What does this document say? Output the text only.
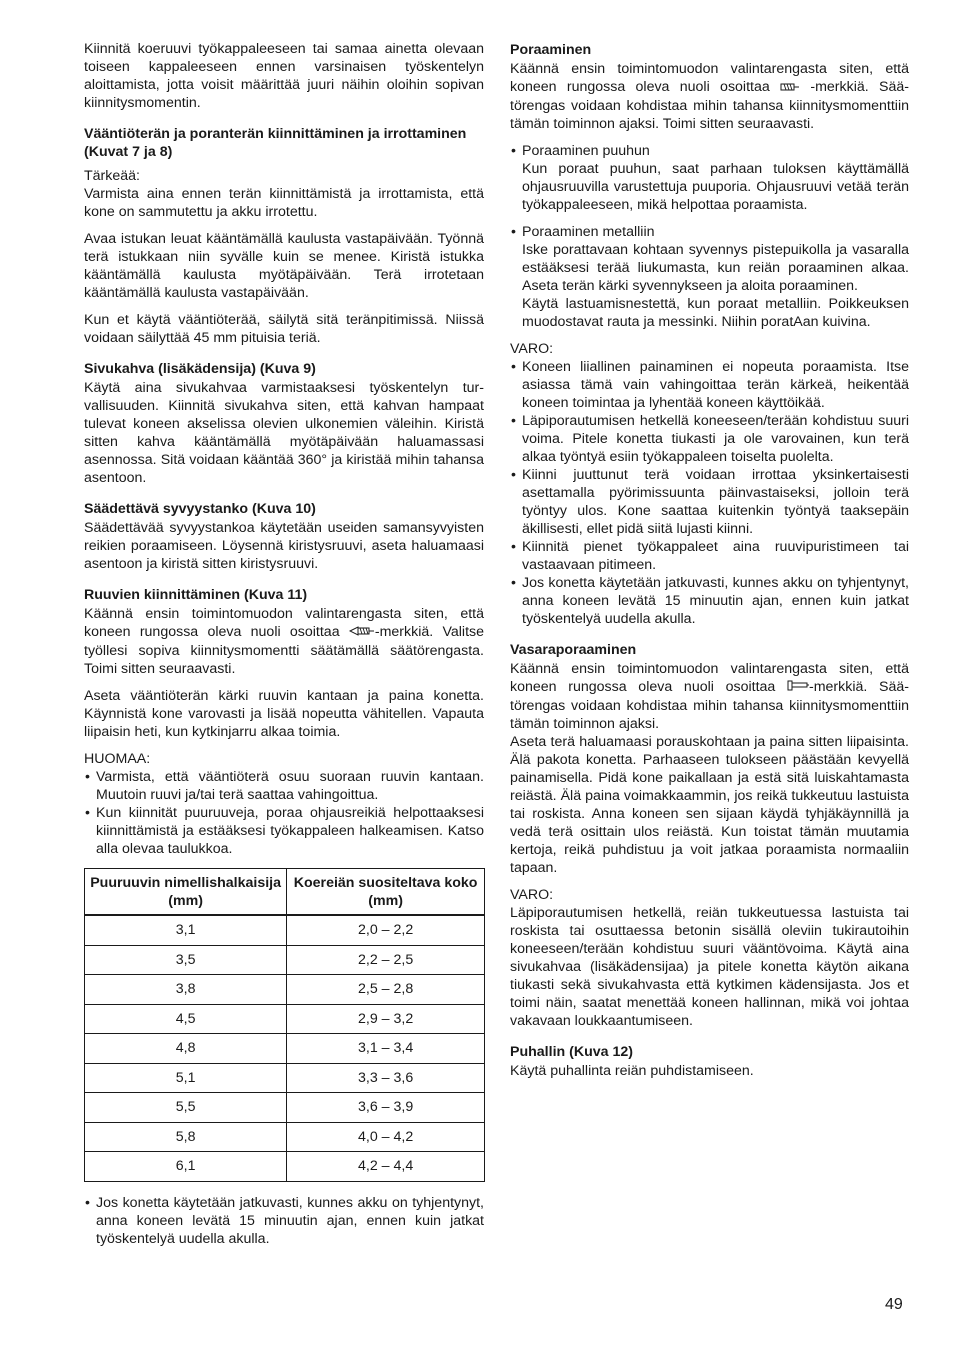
Kiinnitä koeruuvi työkappaleeseen tai samaa ainetta olevaan toiseen kappaleeseen ennen varsinaisen työskentelyn aloittamista, jotta voisit määrittää juuri näihin oloihin sopivan kiinnitysmomentin.

Vääntiöterän ja poranterän kiinnittäminen ja irrottaminen (Kuvat 7 ja 8)

Tärkeää:

Varmista aina ennen terän kiinnittämistä ja irrottamista, että kone on sammutettu ja akku irrotettu.

Avaa istukan leuat kääntämällä kaulusta vastapäivään. Työnnä terä istukkaan niin syvälle kuin se menee. Kiristä istukka kääntämällä kaulusta myötäpäivään. Terä irrotetaan kääntämällä kaulusta vastapäivään.

Kun et käytä vääntiöterää, säilytä sitä teränpitimissä. Niissä voidaan säilyttää 45 mm pituisia teriä.

Sivukahva (lisäkädensija) (Kuva 9)

Käytä aina sivukahvaa varmistaaksesi työskentelyn turvallisuuden. Kiinnitä sivukahva siten, että kahvan hampaat tulevat koneen akselissa olevien ulkonemien väleihin. Kiristä sitten kahva kääntämällä myötäpäivään haluamassasi asennossa. Sitä voidaan kääntää 360° ja kiristää mihin tahansa asentoon.

Säädettävä syvyystanko (Kuva 10)

Säädettävää syvyystankoa käytetään useiden samansyvyisten reikien poraamiseen. Löysennä kiristysruuvi, aseta haluamaasi asentoon ja kiristä sitten kiristysruuvi.

Ruuvien kiinnittäminen (Kuva 11)

Käännä ensin toimintomuodon valintarengasta siten, että koneen rungossa oleva nuoli osoittaa -merkkiä. Valitse työllesi sopiva kiinnitysmomentti säätämällä säätörengasta. Toimi sitten seuraavasti.

Aseta vääntiöterän kärki ruuvin kantaan ja paina konetta. Käynnistä kone varovasti ja lisää nopeutta vähitellen. Vapauta liipaisin heti, kun kytkinjarru alkaa toimia.

HUOMAA:

• Varmista, että vääntiöterä osuu suoraan ruuvin kantaan. Muutoin ruuvi ja/tai terä saattaa vahingoittua.
• Kun kiinnität puuruuveja, poraa ohjausreikiä helpottaaksesi kiinnittämistä ja estääksesi työkappaleen halkeamisen. Katso alla olevaa taulukkoa.
Puuruuvin nimellishalkaisija (mm)	Koereiän suositeltava koko (mm)
3,1	2,0 – 2,2
3,5	2,2 – 2,5
3,8	2,5 – 2,8
4,5	2,9 – 3,2
4,8	3,1 – 3,4
5,1	3,3 – 3,6
5,5	3,6 – 3,9
5,8	4,0 – 4,2
6,1	4,2 – 4,4
• Jos konetta käytetään jatkuvasti, kunnes akku on tyhjentynyt, anna koneen levätä 15 minuutin ajan, ennen kuin jatkat työskentelyä uudella akulla.
Poraaminen

Käännä ensin toimintomuodon valintarengasta siten, että koneen rungossa oleva nuoli osoittaa  -merkkiä. Säätörengas voidaan kohdistaa mihin tahansa kiinnitysmomenttiin tämän toiminnon ajaksi. Toimi sitten seuraavasti.

• Poraaminen puuhun
Kun poraat puuhun, saat parhaan tuloksen käyttämällä ohjausruuvilla varustettuja puuporia. Ohjausruuvi vetää terän työkappaleeseen, mikä helpottaa poraamista.
• Poraaminen metalliin
Iske porattavaan kohtaan syvennys pistepuikolla ja vasaralla estääksesi terää liukumasta, kun reiän poraaminen alkaa. Aseta terän kärki syvennykseen ja aloita poraaminen.
Käytä lastuamisnestettä, kun poraat metalliin. Poikkeuksen muodostavat rauta ja messinki. Niihin poratAan kuivina.

VARO:

• Koneen liiallinen painaminen ei nopeuta poraamista. Itse asiassa tämä vain vahingoittaa terän kärkeä, heikentää koneen toimintaa ja lyhentää koneen käyttöikää.
• Läpiporautumisen hetkellä koneeseen/terään kohdistuu suuri voima. Pitele konetta tiukasti ja ole varovainen, kun terä alkaa työntyä esiin työkappaleen toiselta puolelta.
• Kiinni juuttunut terä voidaan irrottaa yksinkertaisesti asettamalla pyörimissuunta päinvastaiseksi, jolloin terä työntyy ulos. Kone saattaa kuitenkin työntyä taaksepäin äkillisesti, ellet pidä siitä lujasti kiinni.
• Kiinnitä pienet työkappaleet aina ruuvipuristimeen tai vastaavaan pitimeen.
• Jos konetta käytetään jatkuvasti, kunnes akku on tyhjentynyt, anna koneen levätä 15 minuutin ajan, ennen kuin jatkat työskentelyä uudella akulla.
Vasaraporaaminen

Käännä ensin toimintomuodon valintarengasta siten, että koneen rungossa oleva nuoli osoittaa -merkkiä. Säätörengas voidaan kohdistaa mihin tahansa kiinnitysmomenttiin tämän toiminnon ajaksi.

Aseta terä haluamaasi porauskohtaan ja paina sitten liipaisinta. Älä pakota konetta. Parhaaseen tulokseen päästään kevyellä painamisella. Pidä kone paikallaan ja estä sitä luiskahtamasta reiästä. Älä paina voimakkaammin, jos reikä tukkeutuu lastuista tai roskista. Anna koneen sen sijaan käydä tyhjäkäynnillä ja vedä terä osittain ulos reiästä. Kun toistat tämän muutamia kertoja, reikä puhdistuu ja voit jatkaa poraamista normaaliin tapaan.

VARO:

Läpiporautumisen hetkellä, reiän tukkeutuessa lastuista tai roskista tai osuttaessa betonin sisällä oleviin tukirautoihin koneeseen/terään kohdistuu suuri vääntövoima. Käytä aina sivukahvaa (lisäkädensijaa) ja pitele konetta käytön aikana tiukasti sekä sivukahvasta että kytkimen kädensijasta. Jos et toimi näin, saatat menettää koneen hallinnan, mikä voi johtaa vakavaan loukkaantumiseen.

Puhallin (Kuva 12)

Käytä puhallinta reiän puhdistamiseen.

49
